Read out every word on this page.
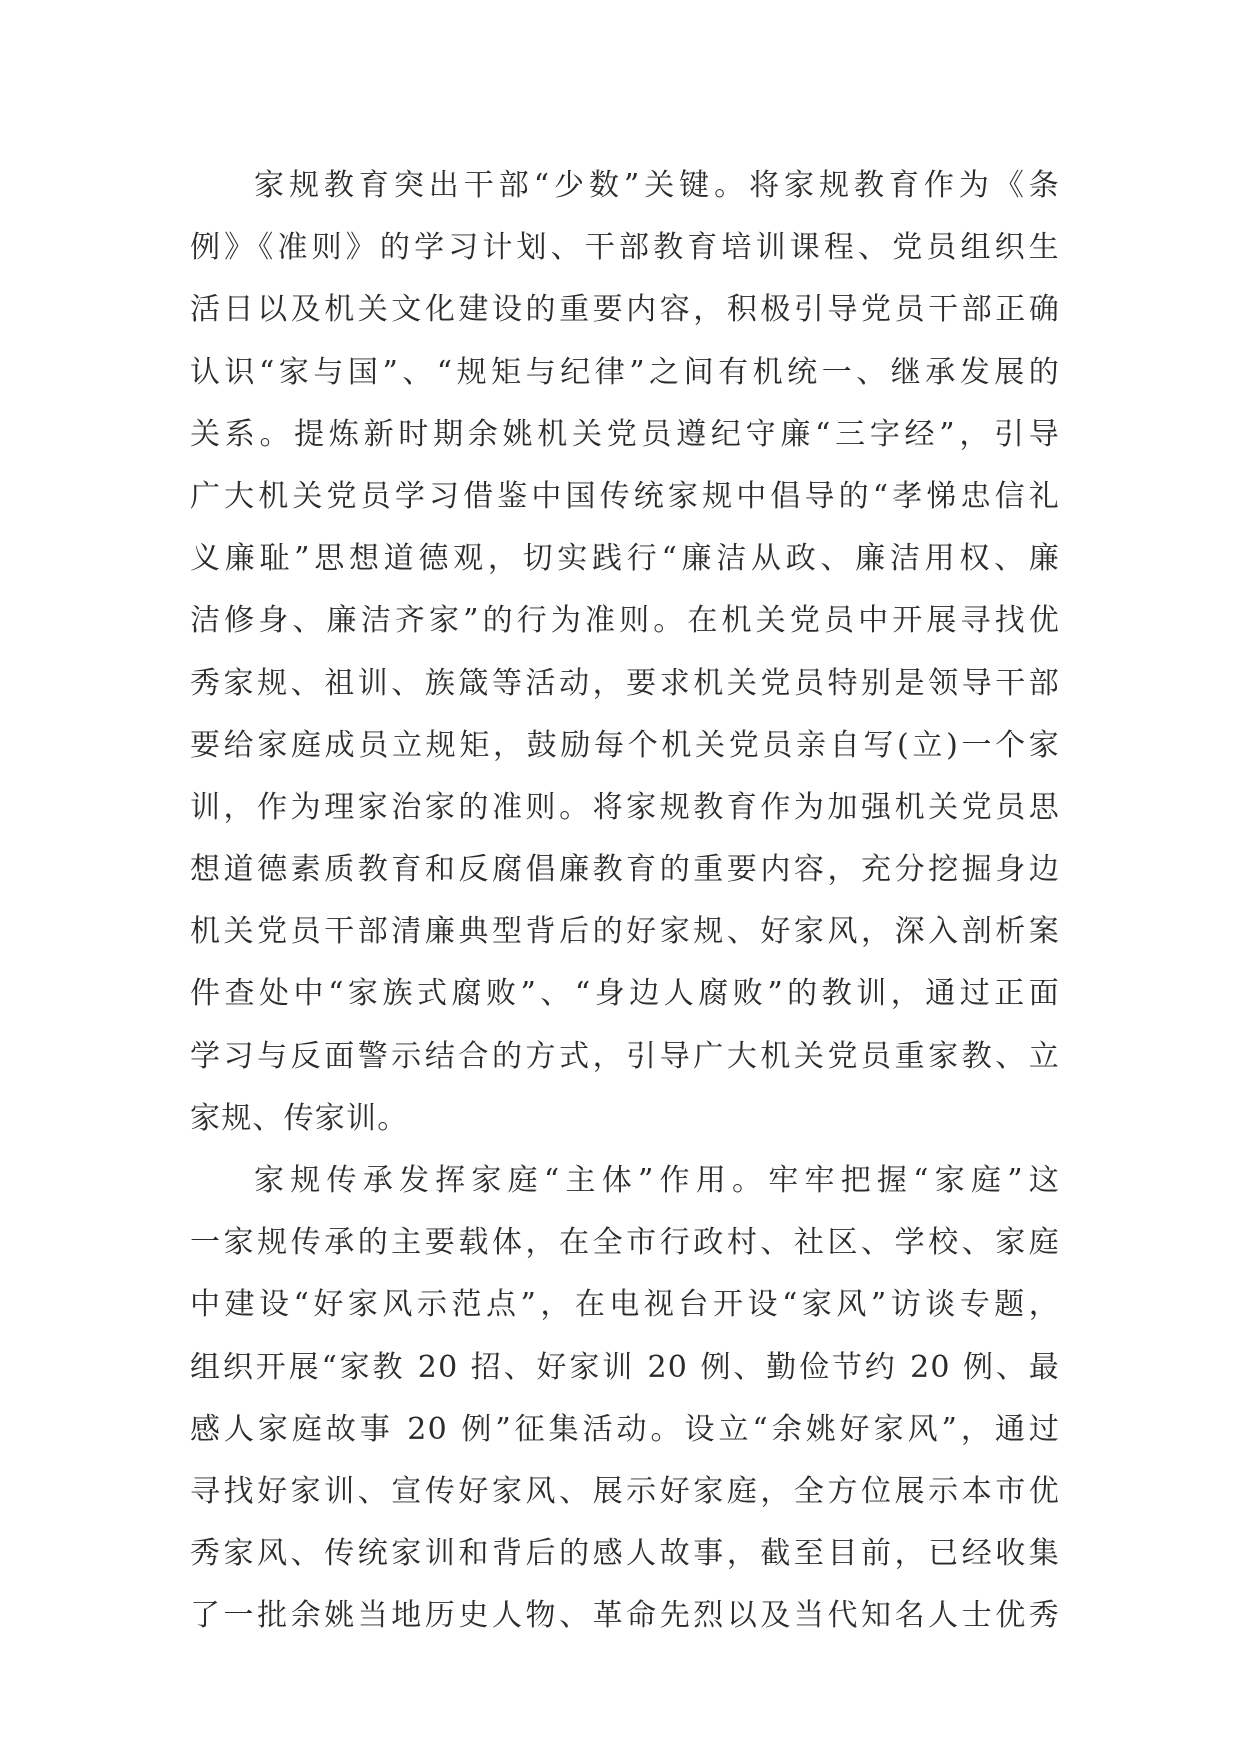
家规教育突出干部“少数”关键。将家规教育作为《条
例》《准则》的学习计划、干部教育培训课程、党员组织生
活日以及机关文化建设的重要内容，积极引导党员干部正确
认识“家与国”、“规矩与纪律”之间有机统一、继承发展的
关系。提炼新时期余姚机关党员遵纪守廉“三字经”，引导
广大机关党员学习借鉴中国传统家规中倡导的“孝悌忠信礼
义廉耻”思想道德观，切实践行“廉洁从政、廉洁用权、廉
洁修身、廉洁齐家”的行为准则。在机关党员中开展寻找优
秀家规、祖训、族箴等活动，要求机关党员特别是领导干部
要给家庭成员立规矩，鼓励每个机关党员亲自写(立)一个家
训，作为理家治家的准则。将家规教育作为加强机关党员思
想道德素质教育和反腐倡廉教育的重要内容，充分挖掘身边
机关党员干部清廉典型背后的好家规、好家风，深入剖析案
件查处中“家族式腐败”、“身边人腐败”的教训，通过正面
学习与反面警示结合的方式，引导广大机关党员重家教、立
家规、传家训。
家规传承发挥家庭“主体”作用。牢牢把握“家庭”这
一家规传承的主要载体，在全市行政村、社区、学校、家庭
中建设“好家风示范点”，在电视台开设“家风”访谈专题，
组织开展“家教 20 招、好家训 20 例、勤俭节约 20 例、最
感人家庭故事 20 例”征集活动。设立“余姚好家风”，通过
寻找好家训、宣传好家风、展示好家庭，全方位展示本市优
秀家风、传统家训和背后的感人故事，截至目前，已经收集
了一批余姚当地历史人物、革命先烈以及当代知名人士优秀
